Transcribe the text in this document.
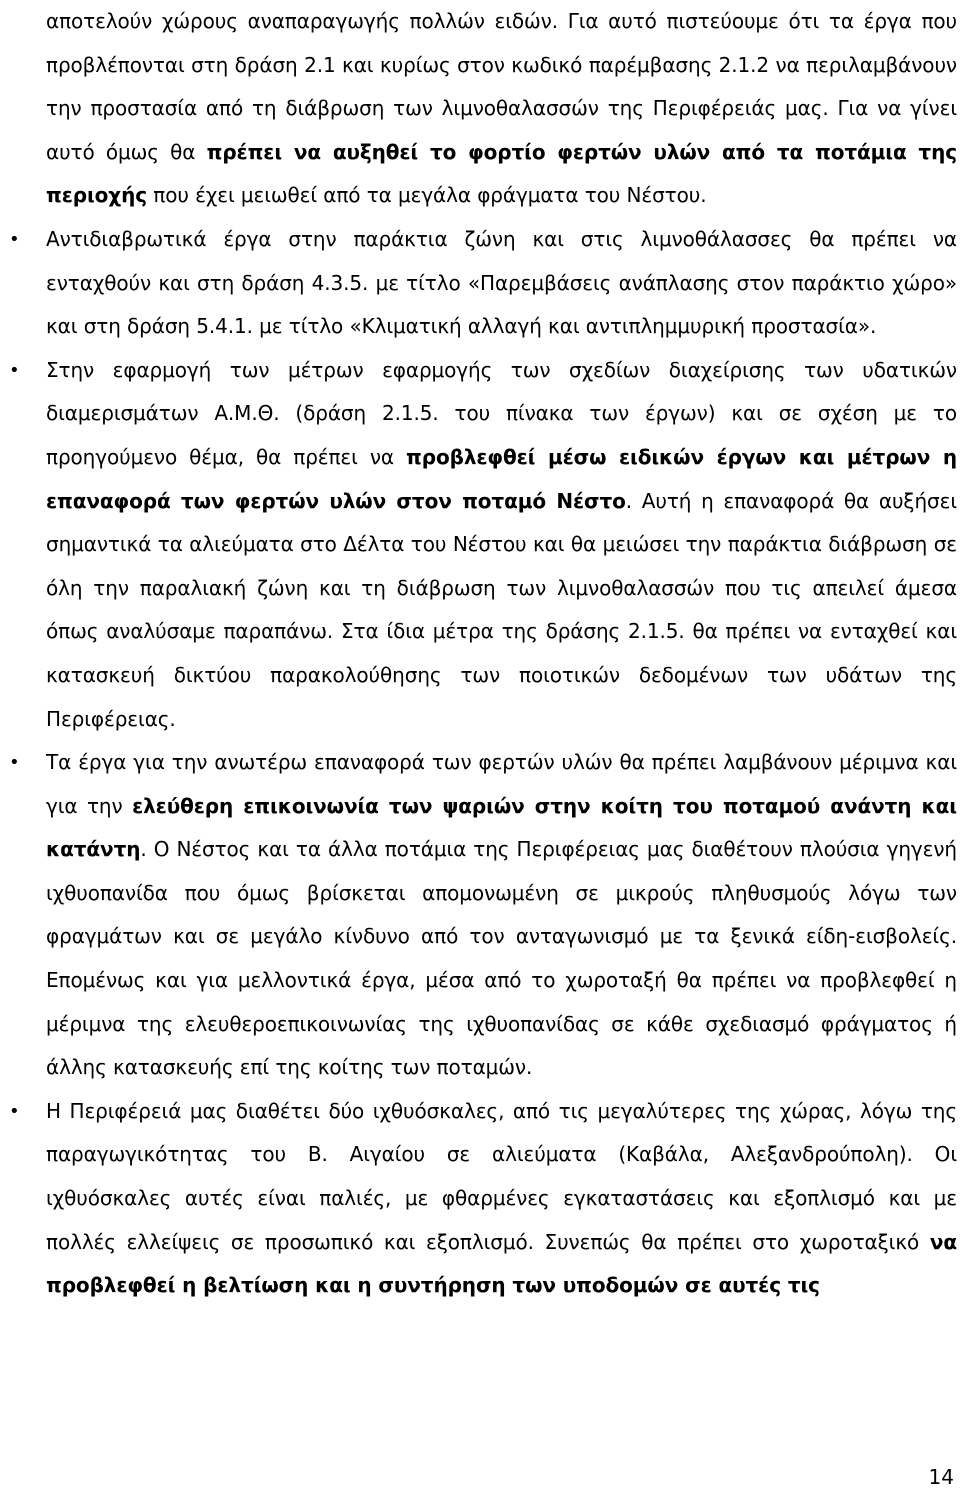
αποτελούν χώρους αναπαραγωγής πολλών ειδών. Για αυτό πιστεύουμε ότι τα έργα που προβλέπονται στη δράση 2.1 και κυρίως στον κωδικό παρέμβασης 2.1.2 να περιλαμβάνουν την προστασία από τη διάβρωση των λιμνοθαλασσών της Περιφέρειάς μας. Για να γίνει αυτό όμως θα πρέπει να αυξηθεί το φορτίο φερτών υλών από τα ποτάμια της περιοχής που έχει μειωθεί από τα μεγάλα φράγματα του Νέστου.

• Αντιδιαβρωτικά έργα στην παράκτια ζώνη και στις λιμνοθάλασσες θα πρέπει να ενταχθούν και στη δράση 4.3.5. με τίτλο «Παρεμβάσεις ανάπλασης στον παράκτιο χώρο» και στη δράση 5.4.1. με τίτλο «Κλιματική αλλαγή και αντιπλημμυρική προστασία».

• Στην εφαρμογή των μέτρων εφαρμογής των σχεδίων διαχείρισης των υδατικών διαμερισμάτων Α.Μ.Θ. (δράση 2.1.5. του πίνακα των έργων) και σε σχέση με το προηγούμενο θέμα, θα πρέπει να προβλεφθεί μέσω ειδικών έργων και μέτρων η επαναφορά των φερτών υλών στον ποταμό Νέστο. Αυτή η επαναφορά θα αυξήσει σημαντικά τα αλιεύματα στο Δέλτα του Νέστου και θα μειώσει την παράκτια διάβρωση σε όλη την παραλιακή ζώνη και τη διάβρωση των λιμνοθαλασσών που τις απειλεί άμεσα όπως αναλύσαμε παραπάνω. Στα ίδια μέτρα της δράσης 2.1.5. θα πρέπει να ενταχθεί και κατασκευή δικτύου παρακολούθησης των ποιοτικών δεδομένων των υδάτων της Περιφέρειας.

• Τα έργα για την ανωτέρω επαναφορά των φερτών υλών θα πρέπει λαμβάνουν μέριμνα και για την ελεύθερη επικοινωνία των ψαριών στην κοίτη του ποταμού ανάντη και κατάντη. Ο Νέστος και τα άλλα ποτάμια της Περιφέρειας μας διαθέτουν πλούσια γηγενή ιχθυοπανίδα που όμως βρίσκεται απομονωμένη σε μικρούς πληθυσμούς λόγω των φραγμάτων και σε μεγάλο κίνδυνο από τον ανταγωνισμό με τα ξενικά είδη-εισβολείς. Επομένως και για μελλοντικά έργα, μέσα από το χωροταξή θα πρέπει να προβλεφθεί η μέριμνα της ελευθεροεπικοινωνίας της ιχθυοπανίδας σε κάθε σχεδιασμό φράγματος ή άλλης κατασκευής επί της κοίτης των ποταμών.

• Η Περιφέρειά μας διαθέτει δύο ιχθυόσκαλες, από τις μεγαλύτερες της χώρας, λόγω της παραγωγικότητας του Β. Αιγαίου σε αλιεύματα (Καβάλα, Αλεξανδρούπολη). Οι ιχθυόσκαλες αυτές είναι παλιές, με φθαρμένες εγκαταστάσεις και εξοπλισμό και με πολλές ελλείψεις σε προσωπικό και εξοπλισμό. Συνεπώς θα πρέπει στο χωροταξικό να προβλεφθεί η βελτίωση και η συντήρηση των υποδομών σε αυτές τις

14
